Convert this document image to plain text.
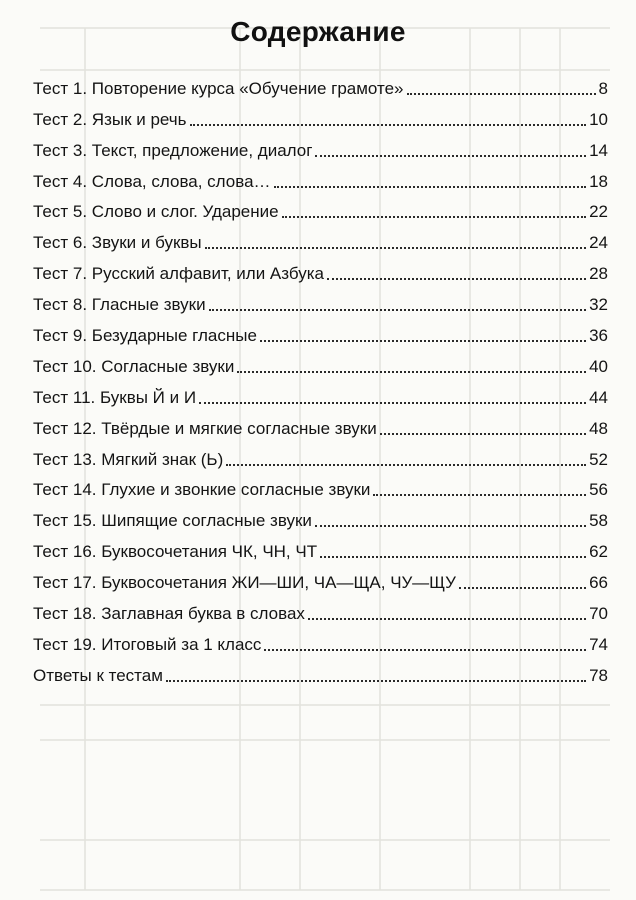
Содержание
Тест 1. Повторение курса «Обучение грамоте»	8
Тест 2. Язык и речь	10
Тест 3. Текст, предложение, диалог	14
Тест 4. Слова, слова, слова…	18
Тест 5. Слово и слог. Ударение	22
Тест 6. Звуки и буквы	24
Тест 7. Русский алфавит, или Азбука	28
Тест 8. Гласные звуки	32
Тест 9. Безударные гласные	36
Тест 10. Согласные звуки	40
Тест 11. Буквы Й и И	44
Тест 12. Твёрдые и мягкие согласные звуки	48
Тест 13. Мягкий знак (Ь)	52
Тест 14. Глухие и звонкие согласные звуки	56
Тест 15. Шипящие согласные звуки	58
Тест 16. Буквосочетания ЧК, ЧН, ЧТ	62
Тест 17. Буквосочетания ЖИ—ШИ, ЧА—ЩА, ЧУ—ЩУ	66
Тест 18. Заглавная буква в словах	70
Тест 19. Итоговый за 1 класс	74
Ответы к тестам	78
